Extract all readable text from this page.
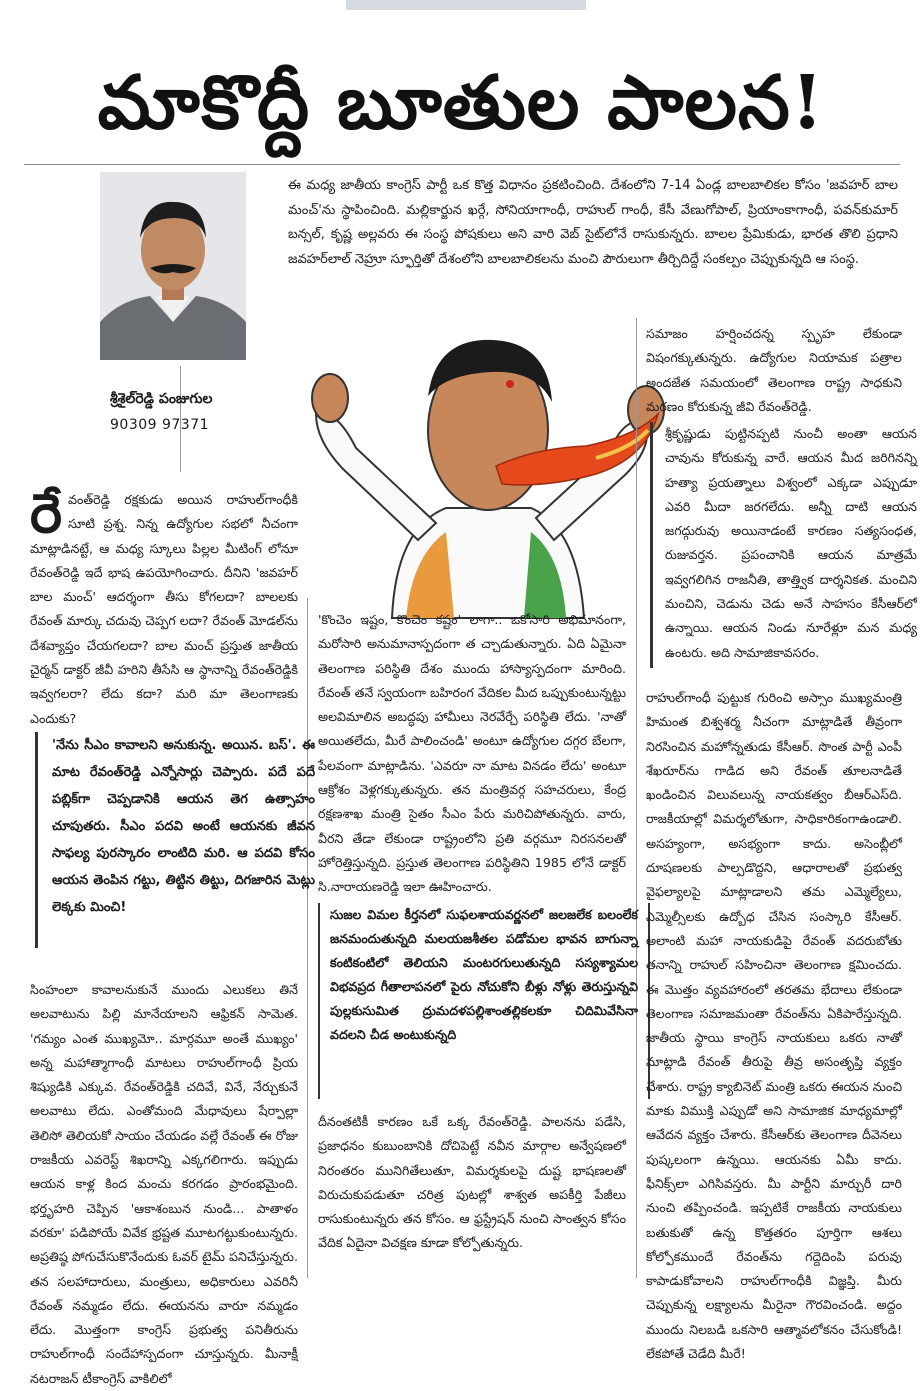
మాకొద్దీ బూతుల పాలన!
శ్రీశైల్‌రెడ్డి పంజుగుల
90309 97371

ఈ మధ్య జాతీయ కాంగ్రెస్ పార్టీ ఒక కొత్త విధానం ప్రకటించింది. దేశంలోని 7-14 ఏండ్ల బాలబాలికల కోసం 'జవహర్ బాల మంచ్'ను స్థాపించింది. మల్లికార్జున ఖర్గే, సోనియాగాంధీ, రాహుల్ గాంధీ, కేసీ వేణుగోపాల్, ప్రియాంకాగాంధీ, పవన్‌కుమార్ బన్సల్, కృష్ణ అల్లవరు ఈ సంస్థ పోషకులు అని వారి వెబ్ సైట్‌లోనే రాసుకున్నరు. బాలల ప్రేమికుడు, భారత తొలి ప్రధాని జవహర్‌లాల్ నెహ్రూ స్ఫూర్తితో దేశంలోని బాలబాలికలను మంచి పౌరులుగా తీర్చిదిద్దే సంకల్పం చెప్పుకున్నది ఆ సంస్థ.

రేవంత్‌రెడ్డి రక్షకుడు అయిన రాహుల్‌గాంధీకి సూటి ప్రశ్న. నిన్న ఉద్యోగుల సభలో నీచంగా మాట్లాడినట్టే, ఆ మధ్య స్కూలు పిల్లల మీటింగ్ లోనూ రేవంత్‌రెడ్డి ఇదే భాష ఉపయోగించారు. దీనిని 'జవహర్ బాల మంచ్' ఆదర్శంగా తీసు కోగలదా? బాలలకు రేవంత్ మార్కు చదువు చెప్పగ లదా? రేవంత్ మోడల్‌ను దేశవ్యాప్తం చేయగలదా? బాల మంచ్ ప్రస్తుత జాతీయ చైర్మన్ డాక్టర్ జీవీ హరిని తీసేసి ఆ స్థానాన్ని రేవంత్‌రెడ్డికి ఇవ్వగలరా? లేదు కదా? మరి మా తెలంగాణకు ఎందుకు?

'నేను సీఎం కావాలని అనుకున్న. అయిన. బస్'. ఈ మాట రేవంత్‌రెడ్డి ఎన్నోసార్లు చెప్పారు. పదే పదే పబ్లిక్‌గా చెప్పడానికి ఆయన తెగ ఉత్సాహం చూపుతరు. సీఎం పదవి అంటే ఆయనకు జీవన సాఫల్య పురస్కారం లాంటిది మరి. ఆ పదవి కోసం ఆయన తెంపిన గట్టు, తిట్టిన తిట్టు, దిగజారిన మెట్లు లెక్కకు మించి!

సింహంలా కావాలనుకునే ముందు ఎలుకలు తినే అలవాటును పిల్లి మానేయాలని ఆఫ్రికన్ సామెత. 'గమ్యం ఎంత ముఖ్యమో.. మార్గమూ అంతే ముఖ్యం' అన్న మహాత్మాగాంధీ మాటలు రాహుల్‌గాంధీ ప్రియ శిష్యుడికి ఎక్కువ. రేవంత్‌రెడ్డికి చదివే, వినే, నేర్చుకునే అలవాటు లేదు. ఎంతోమంది మేధావులు షేర్పాల్లా తెలిసో తెలియకో సాయం చేయడం వల్లే రేవంత్ ఈ రోజు రాజకీయ ఎవరెస్ట్ శిఖరాన్ని ఎక్కగలిగారు. ఇప్పుడు ఆయన కాళ్ల కింద మంచు కరగడం ప్రారంభమైంది. భర్తృహరి చెప్పిన 'ఆకాశంబున నుండి... పాతాళం వరకూ' పడిపోయే వివేక భ్రష్టత మూటగట్టుకుంటున్నరు. అప్రతిష్ఠ పోగుచేసుకొనేందుకు ఓవర్ టైమ్ పనిచేస్తున్నరు. తన సలహాదారులు, మంత్రులు, అధికారులు ఎవరినీ రేవంత్ నమ్మడం లేదు. ఈయనను వారూ నమ్మడం లేదు. మొత్తంగా కాంగ్రెస్ ప్రభుత్వ పనితీరును రాహుల్‌గాంధీ సందేహాస్పదంగా చూస్తున్నరు. మీనాక్షీ నటరాజన్ టీకాంగ్రెస్ వాకిలిలో

'కొంచెం ఇష్టం, కొంచెం కష్టం' లాగా.. ఒకోసారి అభిమానంగా, మరోసారి అనుమానాస్పదంగా త చ్చాడుతున్నారు. ఏది ఏమైనా తెలంగాణ పరిస్థితి దేశం ముందు హాస్యాస్పదంగా మారింది. రేవంత్ తనే స్వయంగా బహిరంగ వేదికల మీద ఒప్పుకుంటున్నట్టు అలవిమాలిన అబద్ధపు హామీలు నెరవేర్చే పరిస్థితి లేదు. 'నాతో అయితలేదు, మీరే పాలించండి' అంటూ ఉద్యోగుల దగ్గర బేలగా, పేలవంగా మాట్లాడిను. 'ఎవరూ నా మాట వినడం లేదు' అంటూ ఆక్రోశం వెళ్లగక్కుతున్నరు. తన మంత్రివర్గ సహచరులు, కేంద్ర రక్షణశాఖ మంత్రి సైతం సీఎం పేరు మరిచిపోతున్నరు. వారు, వీరని తేడా లేకుండా రాష్ట్రంలోని ప్రతి వర్గమూ నిరసనలతో హోరెత్తిస్తున్నది. ప్రస్తుత తెలంగాణ పరిస్థితిని 1985 లోనే డాక్టర్ సి.నారాయణరెడ్డి ఇలా ఊహించారు.

సుజల విమల కీర్తనలో సుఫలశాయవర్ణనలో జలజలేక బలంలేక జనమందుతున్నది మలయజశీతల పడోమల భావన బాగున్నా కంటికంటిలో తెలియని మంటరగులుతున్నది సస్యశ్యామల విభవప్రద గీతాలాపనలో పైరు నోచుకోని బీళ్లు నోళ్లు తెరుస్తున్నవి పుల్లకుసుమిత ద్రుమదళపల్లిశాంతల్లికలకూ చిదిమివేసినా వదలని చీడ అంటుకున్నది

దీనంతటికీ కారణం ఒకే ఒక్క రేవంత్‌రెడ్డి. పాలనను పడేసి, ప్రజాధనం కుబుంబానికి దోచిపెట్టే నవీన మార్గాల అన్వేషణలో నిరంతరం మునిగితేలుతూ, విమర్శకులపై దుష్ట భాషణలతో విరుచుకుపడుతూ చరిత్ర పుటల్లో శాశ్వత అపకీర్తి పేజీలు రాసుకుంటున్నరు తన కోసం. ఆ ఫ్రస్ట్రేషన్ నుంచి సాంత్వన కోసం వేదిక ఏదైనా విచక్షణ కూడా కోల్పోతున్నరు.

సమాజం హర్షించదన్న స్పృహ లేకుండా విషంగక్కుతున్నరు. ఉద్యోగుల నియామక పత్రాల అందజేత సమయంలో తెలంగాణ రాష్ట్ర సాధకుని మరణం కోరుకున్న జీవి రేవంత్‌రెడ్డి.

శ్రీకృష్ణుడు పుట్టినప్పటి నుంచీ అంతా ఆయన చావును కోరుకున్న వారే. ఆయన మీద జరిగినన్ని హత్యా ప్రయత్నాలు విశ్వంలో ఎక్కడా ఎప్పుడూ ఎవరి మీదా జరగలేదు. అన్నీ దాటి ఆయన జగద్గురువు అయినాడంటే కారణం సత్యసంధత, రుజువర్తన. ప్రపంచానికి ఆయన మాత్రమే ఇవ్వగలిగిన రాజనీతి, తాత్త్విక దార్శనికత. మంచిని మంచిని, చెడును చెడు అనే సాహసం కేసీఆర్‌లో ఉన్నాయి. ఆయన నిండు నూరేళ్లూ మన మధ్య ఉంటరు. అది సామాజికావసరం.

రాహుల్‌గాంధీ పుట్టుక గురించి అస్సాం ముఖ్యమంత్రి హిమంత బిశ్వశర్మ నీచంగా మాట్లాడితే తీవ్రంగా నిరసించిన మహోన్నతుడు కేసీఆర్. సొంత పార్టీ ఎంపీ శేఖరూర్‌ను గాడిద అని రేవంత్ తూలనాడితే ఖండించిన విలువలున్న నాయకత్వం బీఆర్‌ఎస్‌ది. రాజకీయాల్లో విమర్శలోతుగా, సాధికారికంగాఉండాలి. అసహ్యంగా, అసభ్యంగా కాదు. అసెంబ్లీలో దూషణలకు పాల్పడొద్దని, ఆధారాలతో ప్రభుత్వ వైఫల్యాలపై మాట్లాడాలని తమ ఎమ్మెల్యేలు, ఎమ్మెల్సీలకు ఉద్బోధ చేసిన సంస్కారి కేసీఆర్. అలాంటి మహా నాయకుడిపై రేవంత్ వదరుబోతు తనాన్ని రాహుల్ సహించినా తెలంగాణ క్షమించదు. ఈ మొత్తం వ్యవహారంలో తరతమ భేదాలు లేకుండా తెలంగాణ సమాజమంతా రేవంత్‌ను ఏకిపారేస్తున్నది. జాతీయ స్థాయి కాంగ్రెస్ నాయకులు ఒకరు నాతో మాట్లాడి రేవంత్ తీరుపై తీవ్ర అసంతృప్తి వ్యక్తం చేశారు. రాష్ట్ర క్యాబినెట్ మంత్రి ఒకరు ఈయన నుంచి మాకు విముక్తి ఎప్పుడో అని సామాజిక మాధ్యమాల్లో ఆవేదన వ్యక్తం చేశారు. కేసీఆర్‌కు తెలంగాణ దీవెనలు పుష్కలంగా ఉన్నయి. ఆయనకు ఏమీ కాదు. ఫీనిక్స్‌లా ఎగిసివస్తరు. మీ పార్టీని మార్చురీ దారి నుంచి తప్పించండి. ఇప్పటికే రాజకీయ నాయకులు బతుకుతో ఉన్న కొత్తతరం పూర్తిగా ఆశలు కోల్పోకముందే రేవంత్‌ను గద్దెదింపి పరువు కాపాడుకోవాలని రాహుల్‌గాంధీకి విజ్ఞప్తి. మీరు చెప్పుకున్న లక్ష్యాలను మీరైనా గౌరవించండి. అద్దం ముందు నిలబడి ఒకసారి ఆత్మావలోకనం చేసుకోండి! లేకపోతే చెడేది మీరే!
